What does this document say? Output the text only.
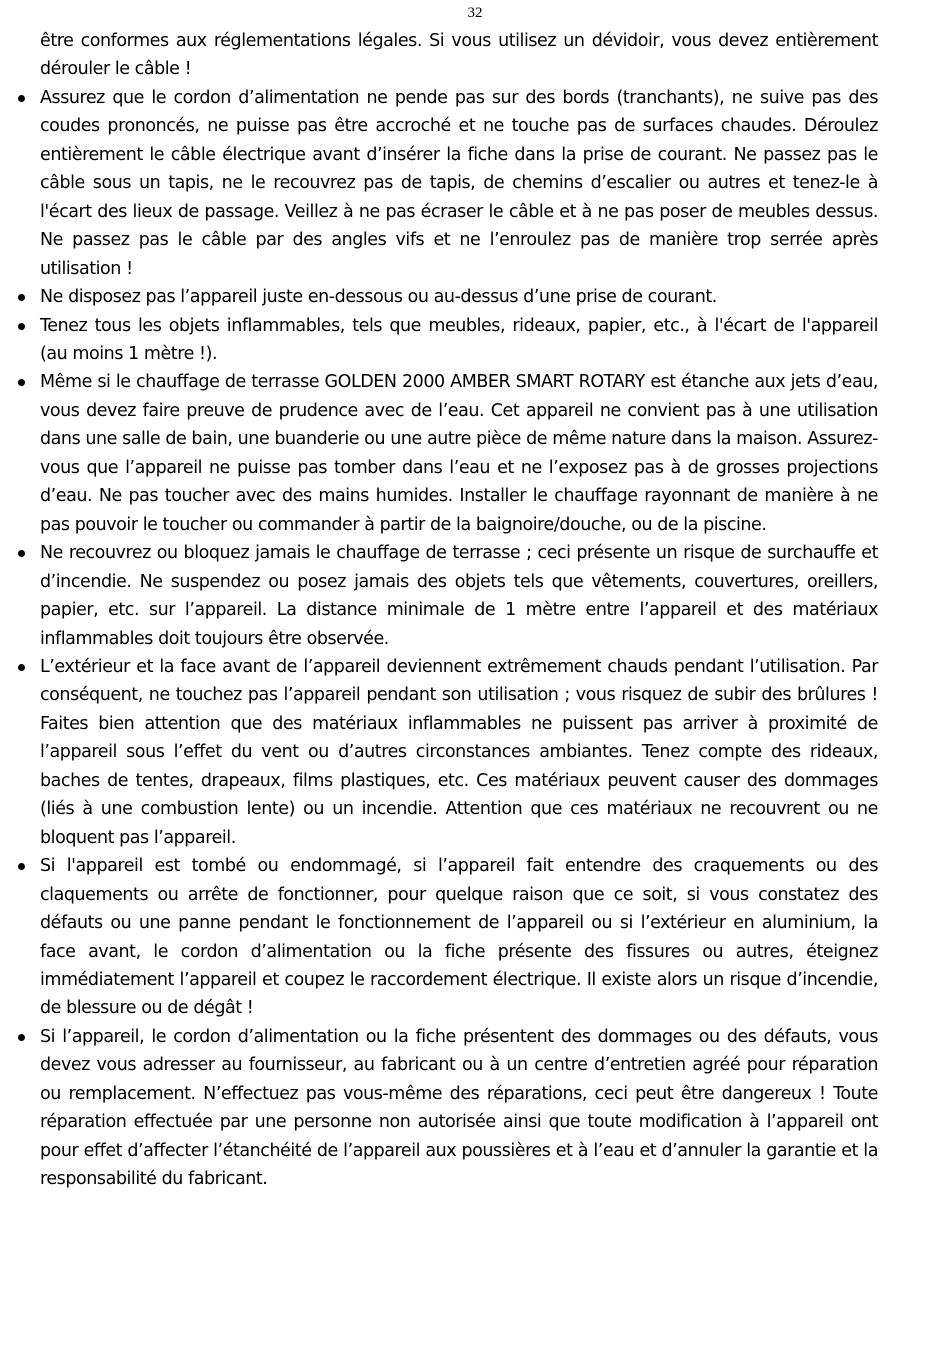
32

être conformes aux réglementations légales. Si vous utilisez un dévidoir, vous devez entièrement dérouler le câble !

Assurez que le cordon d’alimentation ne pende pas sur des bords (tranchants), ne suive pas des coudes prononcés, ne puisse pas être accroché et ne touche pas de surfaces chaudes. Déroulez entièrement le câble électrique avant d’insérer la fiche dans la prise de courant. Ne passez pas le câble sous un tapis, ne le recouvrez pas de tapis, de chemins d’escalier ou autres et tenez-le à l'écart des lieux de passage. Veillez à ne pas écraser le câble et à ne pas poser de meubles dessus. Ne passez pas le câble par des angles vifs et ne l’enroulez pas de manière trop serrée après utilisation !
Ne disposez pas l’appareil juste en-dessous ou au-dessus d’une prise de courant.
Tenez tous les objets inflammables, tels que meubles, rideaux, papier, etc., à l'écart de l'appareil (au moins 1 mètre !).
Même si le chauffage de terrasse GOLDEN 2000 AMBER SMART ROTARY est étanche aux jets d’eau, vous devez faire preuve de prudence avec de l’eau. Cet appareil ne convient pas à une utilisation dans une salle de bain, une buanderie ou une autre pièce de même nature dans la maison. Assurez-vous que l’appareil ne puisse pas tomber dans l’eau et ne l’exposez pas à de grosses projections d’eau. Ne pas toucher avec des mains humides. Installer le chauffage rayonnant de manière à ne pas pouvoir le toucher ou commander à partir de la baignoire/douche, ou de la piscine.
Ne recouvrez ou bloquez jamais le chauffage de terrasse ; ceci présente un risque de surchauffe et d’incendie. Ne suspendez ou posez jamais des objets tels que vêtements, couvertures, oreillers, papier, etc. sur l’appareil. La distance minimale de 1 mètre entre l’appareil et des matériaux inflammables doit toujours être observée.
L’extérieur et la face avant de l’appareil deviennent extrêmement chauds pendant l’utilisation. Par conséquent, ne touchez pas l’appareil pendant son utilisation ; vous risquez de subir des brûlures ! Faites bien attention que des matériaux inflammables ne puissent pas arriver à proximité de l’appareil sous l’effet du vent ou d’autres circonstances ambiantes. Tenez compte des rideaux, baches de tentes, drapeaux, films plastiques, etc. Ces matériaux peuvent causer des dommages (liés à une combustion lente) ou un incendie. Attention que ces matériaux ne recouvrent ou ne bloquent pas l’appareil.
Si l'appareil est tombé ou endommagé, si l’appareil fait entendre des craquements ou des claquements ou arrête de fonctionner, pour quelque raison que ce soit, si vous constatez des défauts ou une panne pendant le fonctionnement de l’appareil ou si l’extérieur en aluminium, la face avant, le cordon d’alimentation ou la fiche présente des fissures ou autres, éteignez immédiatement l’appareil et coupez le raccordement électrique. Il existe alors un risque d’incendie, de blessure ou de dégât !
Si l’appareil, le cordon d’alimentation ou la fiche présentent des dommages ou des défauts, vous devez vous adresser au fournisseur, au fabricant ou à un centre d’entretien agréé pour réparation ou remplacement. N’effectuez pas vous-même des réparations, ceci peut être dangereux ! Toute réparation effectuée par une personne non autorisée ainsi que toute modification à l’appareil ont pour effet d’affecter l’étanchéité de l’appareil aux poussières et à l’eau et d’annuler la garantie et la responsabilité du fabricant.
